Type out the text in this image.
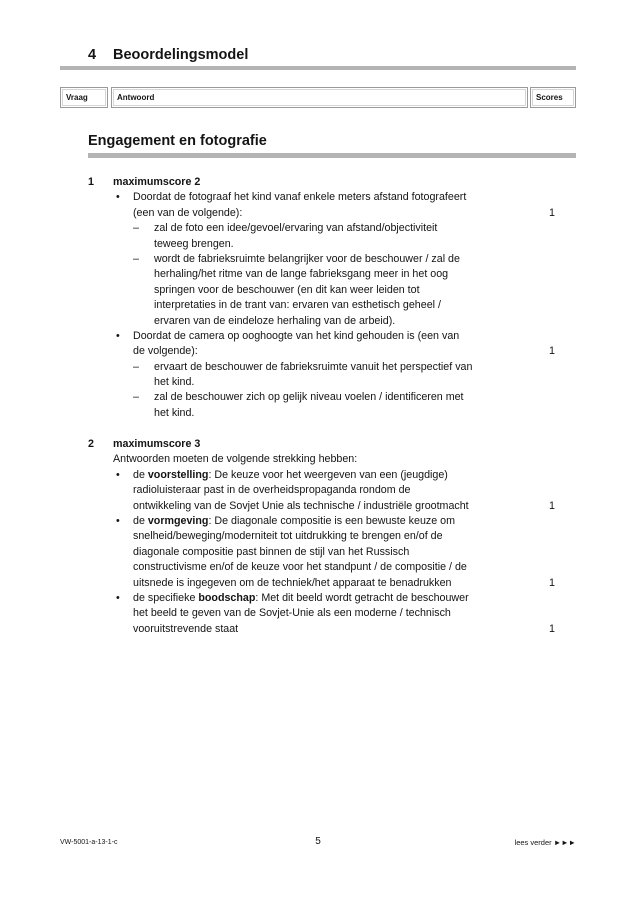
4 Beoordelingsmodel
Vraag	Antwoord	Scores
Engagement en fotografie
1 maximumscore 2
• Doordat de fotograaf het kind vanaf enkele meters afstand fotografeert
(een van de volgende):	1
– zal de foto een idee/gevoel/ervaring van afstand/objectiviteit
teweeg brengen.
– wordt de fabrieksruimte belangrijker voor de beschouwer / zal de
herhaling/het ritme van de lange fabrieksgang meer in het oog
springen voor de beschouwer (en dit kan weer leiden tot
interpretaties in de trant van: ervaren van esthetisch geheel /
ervaren van de eindeloze herhaling van de arbeid).
• Doordat de camera op ooghoogte van het kind gehouden is (een van
de volgende):	1
– ervaart de beschouwer de fabrieksruimte vanuit het perspectief van
het kind.
– zal de beschouwer zich op gelijk niveau voelen / identificeren met
het kind.
2 maximumscore 3
Antwoorden moeten de volgende strekking hebben:
• de voorstelling: De keuze voor het weergeven van een (jeugdige)
radioluisteraar past in de overheidspropaganda rondom de
ontwikkeling van de Sovjet Unie als technische / industriële grootmacht	1
• de vormgeving: De diagonale compositie is een bewuste keuze om
snelheid/beweging/moderniteit tot uitdrukking te brengen en/of de
diagonale compositie past binnen de stijl van het Russisch
constructivisme en/of de keuze voor het standpunt / de compositie / de
uitsnede is ingegeven om de techniek/het apparaat te benadrukken	1
• de specifieke boodschap: Met dit beeld wordt getracht de beschouwer
het beeld te geven van de Sovjet-Unie als een moderne / technisch
vooruitstrevende staat	1
VW-5001-a-13-1-c	5	lees verder ►►►
